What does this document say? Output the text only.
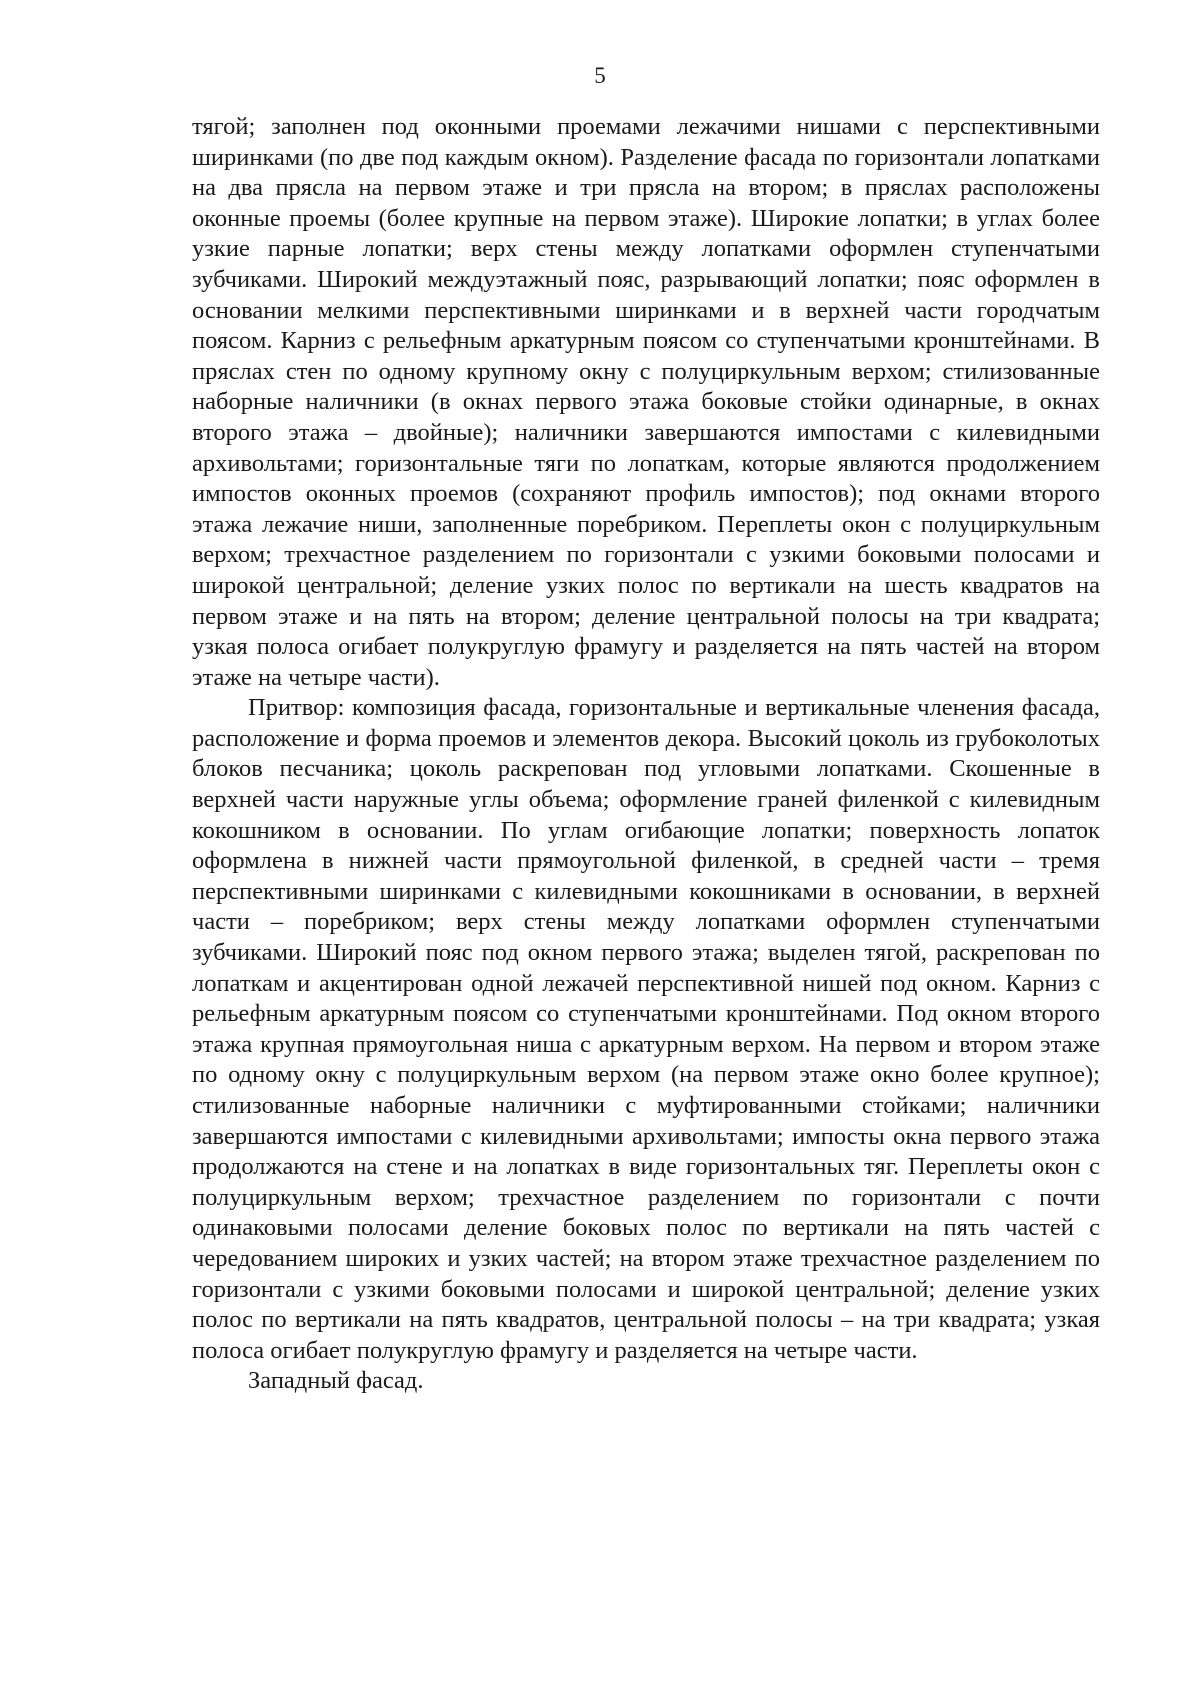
5

тягой; заполнен под оконными проемами лежачими нишами с перспективными ширинками (по две под каждым окном). Разделение фасада по горизонтали лопатками на два прясла на первом этаже и три прясла на втором; в пряслах расположены оконные проемы (более крупные на первом этаже). Широкие лопатки; в углах более узкие парные лопатки; верх стены между лопатками оформлен ступенчатыми зубчиками. Широкий междуэтажный пояс, разрывающий лопатки; пояс оформлен в основании мелкими перспективными ширинками и в верхней части городчатым поясом. Карниз с рельефным аркатурным поясом со ступенчатыми кронштейнами. В пряслах стен по одному крупному окну с полуциркульным верхом; стилизованные наборные наличники (в окнах первого этажа боковые стойки одинарные, в окнах второго этажа – двойные); наличники завершаются импостами с килевидными архивольтами; горизонтальные тяги по лопаткам, которые являются продолжением импостов оконных проемов (сохраняют профиль импостов); под окнами второго этажа лежачие ниши, заполненные поребриком. Переплеты окон с полуциркульным верхом; трехчастное разделением по горизонтали с узкими боковыми полосами и широкой центральной; деление узких полос по вертикали на шесть квадратов на первом этаже и на пять на втором; деление центральной полосы на три квадрата; узкая полоса огибает полукруглую фрамугу и разделяется на пять частей на втором этаже на четыре части).

Притвор: композиция фасада, горизонтальные и вертикальные членения фасада, расположение и форма проемов и элементов декора. Высокий цоколь из грубоколотых блоков песчаника; цоколь раскрепован под угловыми лопатками. Скошенные в верхней части наружные углы объема; оформление граней филенкой с килевидным кокошником в основании. По углам огибающие лопатки; поверхность лопаток оформлена в нижней части прямоугольной филенкой, в средней части – тремя перспективными ширинками с килевидными кокошниками в основании, в верхней части – поребриком; верх стены между лопатками оформлен ступенчатыми зубчиками. Широкий пояс под окном первого этажа; выделен тягой, раскрепован по лопаткам и акцентирован одной лежачей перспективной нишей под окном. Карниз с рельефным аркатурным поясом со ступенчатыми кронштейнами. Под окном второго этажа крупная прямоугольная ниша с аркатурным верхом. На первом и втором этаже по одному окну с полуциркульным верхом (на первом этаже окно более крупное); стилизованные наборные наличники с муфтированными стойками; наличники завершаются импостами с килевидными архивольтами; импосты окна первого этажа продолжаются на стене и на лопатках в виде горизонтальных тяг. Переплеты окон с полуциркульным верхом; трехчастное разделением по горизонтали с почти одинаковыми полосами деление боковых полос по вертикали на пять частей с чередованием широких и узких частей; на втором этаже трехчастное разделением по горизонтали с узкими боковыми полосами и широкой центральной; деление узких полос по вертикали на пять квадратов, центральной полосы – на три квадрата; узкая полоса огибает полукруглую фрамугу и разделяется на четыре части.

Западный фасад.
